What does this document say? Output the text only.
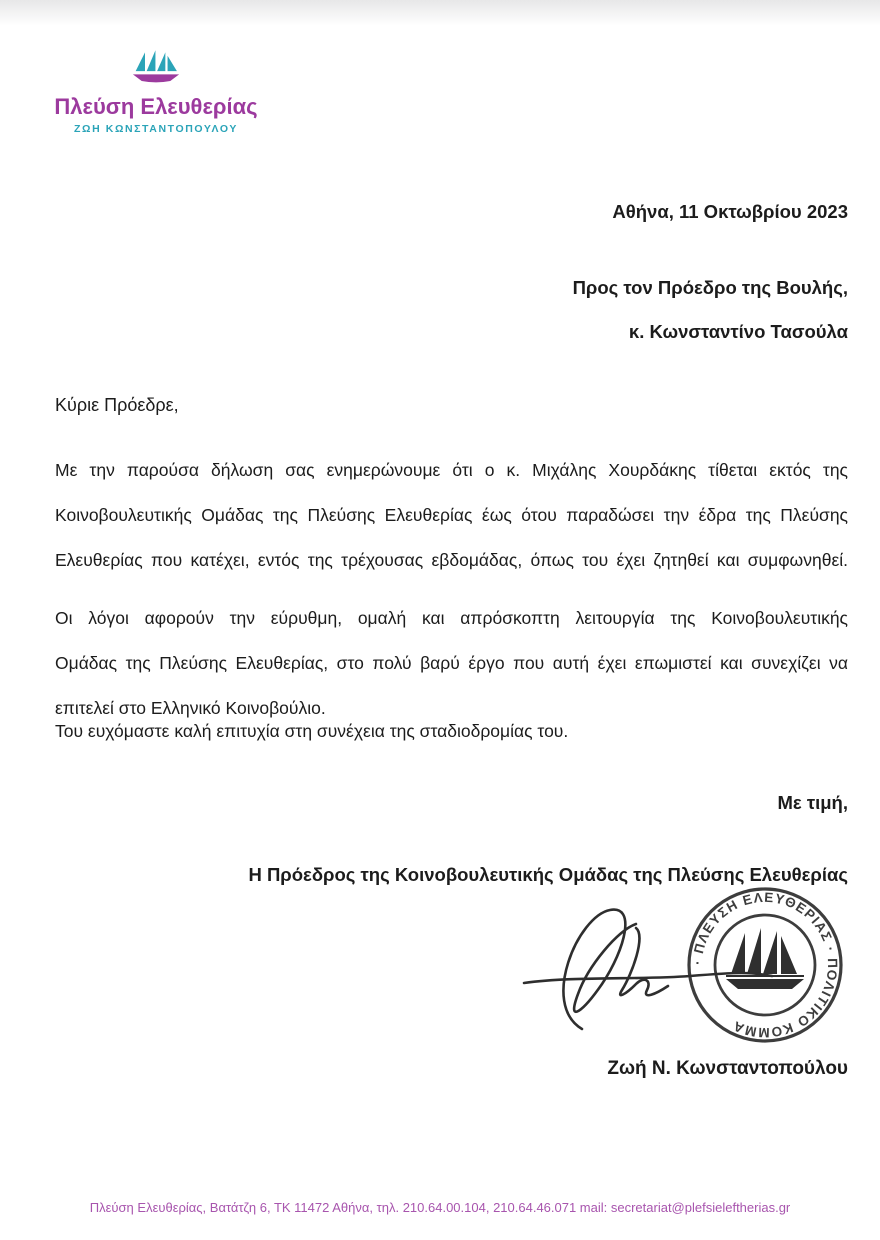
Πλεύση Ελευθερίας
ΖΩΗ ΚΩΝΣΤΑΝΤΟΠΟΥΛΟΥ
Αθήνα, 11 Οκτωβρίου 2023
Προς τον Πρόεδρο της Βουλής,
κ. Κωνσταντίνο Τασούλα
Κύριε Πρόεδρε,
Με την παρούσα δήλωση σας ενημερώνουμε ότι ο κ. Μιχάλης Χουρδάκης τίθεται εκτός της
Κοινοβουλευτικής Ομάδας της Πλεύσης Ελευθερίας έως ότου παραδώσει την έδρα της Πλεύσης
Ελευθερίας που κατέχει, εντός της τρέχουσας εβδομάδας, όπως του έχει ζητηθεί και συμφωνηθεί.
Οι λόγοι αφορούν την εύρυθμη, ομαλή και απρόσκοπτη λειτουργία της Κοινοβουλευτικής
Ομάδας της Πλεύσης Ελευθερίας, στο πολύ βαρύ έργο που αυτή έχει επωμιστεί και συνεχίζει να
επιτελεί στο Ελληνικό Κοινοβούλιο.
Του ευχόμαστε καλή επιτυχία στη συνέχεια της σταδιοδρομίας του.
Με τιμή,
Η Πρόεδρος της Κοινοβουλευτικής Ομάδας της Πλεύσης Ελευθερίας
· ΠΛΕΥΣΗ ΕΛΕΥΘΕΡΙΑΣ · ΠΟΛΙΤΙΚΟ ΚΟΜΜΑ
Ζωή Ν. Κωνσταντοπούλου
Πλεύση Ελευθερίας, Βατάτζη 6, ΤΚ 11472 Αθήνα, τηλ. 210.64.00.104, 210.64.46.071 mail: secretariat@plefsieleftherias.gr
